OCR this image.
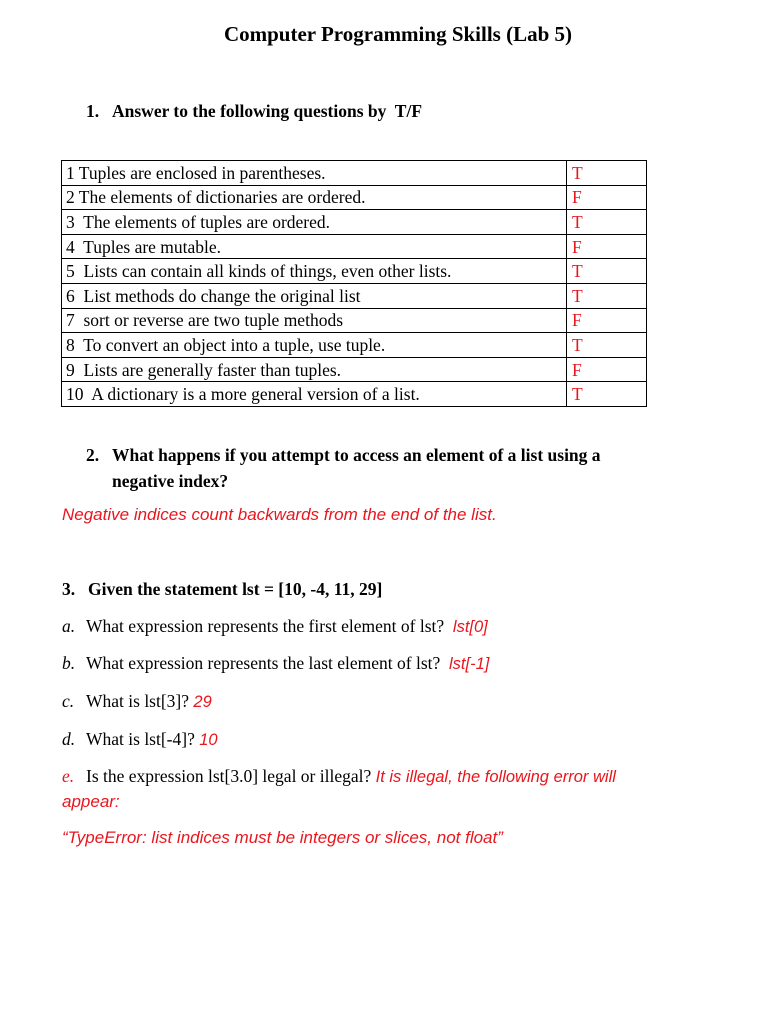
Computer Programming Skills (Lab 5)
1. Answer to the following questions by  T/F
1 Tuples are enclosed in parentheses.	T
2 The elements of dictionaries are ordered.	F
3  The elements of tuples are ordered.	T
4  Tuples are mutable.	F
5  Lists can contain all kinds of things, even other lists.	T
6  List methods do change the original list	T
7  sort or reverse are two tuple methods	F
8  To convert an object into a tuple, use tuple.	T
9  Lists are generally faster than tuples.	F
10  A dictionary is a more general version of a list.	T
2. What happens if you attempt to access an element of a list using a
negative index?
Negative indices count backwards from the end of the list.
3. Given the statement lst = [10, -4, 11, 29]
a. What expression represents the first element of lst? lst[0]
b. What expression represents the last element of lst? lst[-1]
c. What is lst[3]? 29
d. What is lst[-4]? 10
e. Is the expression lst[3.0] legal or illegal? It is illegal, the following error will
appear:
“TypeError: list indices must be integers or slices, not float”
